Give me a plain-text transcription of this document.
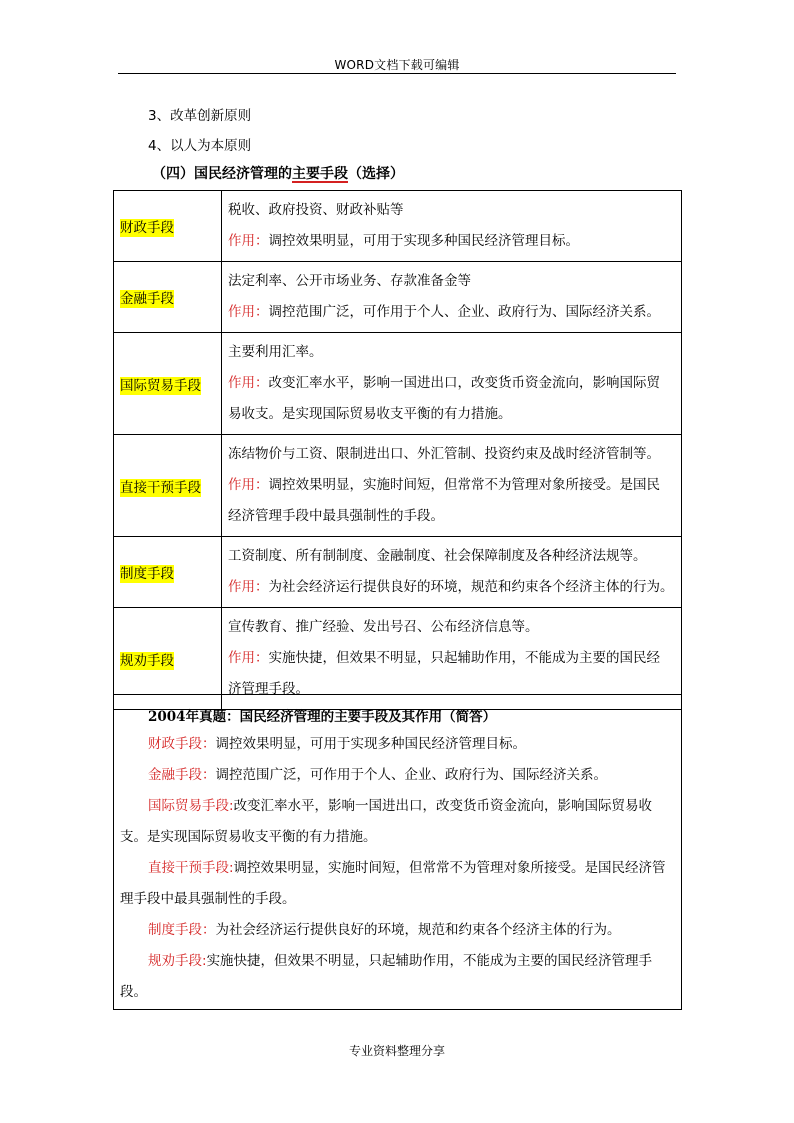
WORD文档下载可编辑
3、改革创新原则
4、以人为本原则
（四）国民经济管理的主要手段（选择）
财政手段	税收、政府投资、财政补贴等
作用：调控效果明显，可用于实现多种国民经济管理目标。

金融手段	法定利率、公开市场业务、存款准备金等
作用：调控范围广泛，可作用于个人、企业、政府行为、国际经济关系。

国际贸易手段	主要利用汇率。
作用：改变汇率水平，影响一国进出口，改变货币资金流向，影响国际贸
易收支。是实现国际贸易收支平衡的有力措施。

直接干预手段	冻结物价与工资、限制进出口、外汇管制、投资约束及战时经济管制等。
作用：调控效果明显，实施时间短，但常常不为管理对象所接受。是国民
经济管理手段中最具强制性的手段。

制度手段	工资制度、所有制制度、金融制度、社会保障制度及各种经济法规等。
作用：为社会经济运行提供良好的环境，规范和约束各个经济主体的行为。

规劝手段	宣传教育、推广经验、发出号召、公布经济信息等。
作用：实施快捷，但效果不明显，只起辅助作用，不能成为主要的国民经
济管理手段。
2004年真题：国民经济管理的主要手段及其作用（简答）
财政手段：调控效果明显，可用于实现多种国民经济管理目标。
金融手段：调控范围广泛，可作用于个人、企业、政府行为、国际经济关系。
国际贸易手段:改变汇率水平，影响一国进出口，改变货币资金流向，影响国际贸易收支。是实现国际贸易收支平衡的有力措施。
直接干预手段:调控效果明显，实施时间短，但常常不为管理对象所接受。是国民经济管理手段中最具强制性的手段。
制度手段：为社会经济运行提供良好的环境，规范和约束各个经济主体的行为。
规劝手段:实施快捷，但效果不明显，只起辅助作用，不能成为主要的国民经济管理手段。
专业资料整理分享
